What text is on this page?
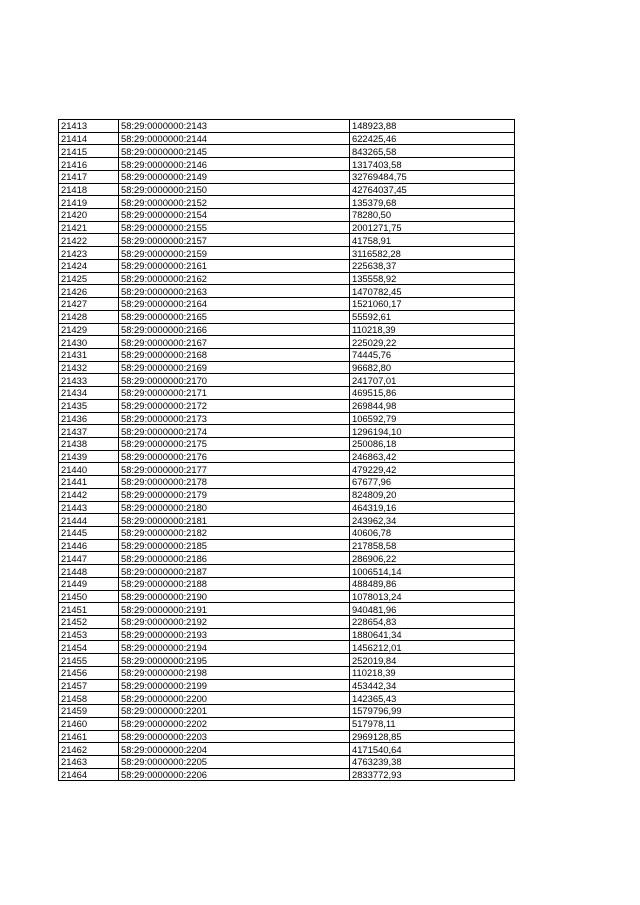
21413	58:29:0000000:2143	148923,88
21414	58:29:0000000:2144	622425,46
21415	58:29:0000000:2145	843265,58
21416	58:29:0000000:2146	1317403,58
21417	58:29:0000000:2149	32769484,75
21418	58:29:0000000:2150	42764037,45
21419	58:29:0000000:2152	135379,68
21420	58:29:0000000:2154	78280,50
21421	58:29:0000000:2155	2001271,75
21422	58:29:0000000:2157	41758,91
21423	58:29:0000000:2159	3116582,28
21424	58:29:0000000:2161	225638,37
21425	58:29:0000000:2162	135558,92
21426	58:29:0000000:2163	1470782,45
21427	58:29:0000000:2164	1521060,17
21428	58:29:0000000:2165	55592,61
21429	58:29:0000000:2166	110218,39
21430	58:29:0000000:2167	225029,22
21431	58:29:0000000:2168	74445,76
21432	58:29:0000000:2169	96682,80
21433	58:29:0000000:2170	241707,01
21434	58:29:0000000:2171	469515,86
21435	58:29:0000000:2172	269844,98
21436	58:29:0000000:2173	106592,79
21437	58:29:0000000:2174	1296194,10
21438	58:29:0000000:2175	250086,18
21439	58:29:0000000:2176	246863,42
21440	58:29:0000000:2177	479229,42
21441	58:29:0000000:2178	67677,96
21442	58:29:0000000:2179	824809,20
21443	58:29:0000000:2180	464319,16
21444	58:29:0000000:2181	243962,34
21445	58:29:0000000:2182	40606,78
21446	58:29:0000000:2185	217858,58
21447	58:29:0000000:2186	286906,22
21448	58:29:0000000:2187	1006514,14
21449	58:29:0000000:2188	488489,86
21450	58:29:0000000:2190	1078013,24
21451	58:29:0000000:2191	940481,96
21452	58:29:0000000:2192	228654,83
21453	58:29:0000000:2193	1880641,34
21454	58:29:0000000:2194	1456212,01
21455	58:29:0000000:2195	252019,84
21456	58:29:0000000:2198	110218,39
21457	58:29:0000000:2199	453442,34
21458	58:29:0000000:2200	142365,43
21459	58:29:0000000:2201	1579796,99
21460	58:29:0000000:2202	517978,11
21461	58:29:0000000:2203	2969128,85
21462	58:29:0000000:2204	4171540,64
21463	58:29:0000000:2205	4763239,38
21464	58:29:0000000:2206	2833772,93
